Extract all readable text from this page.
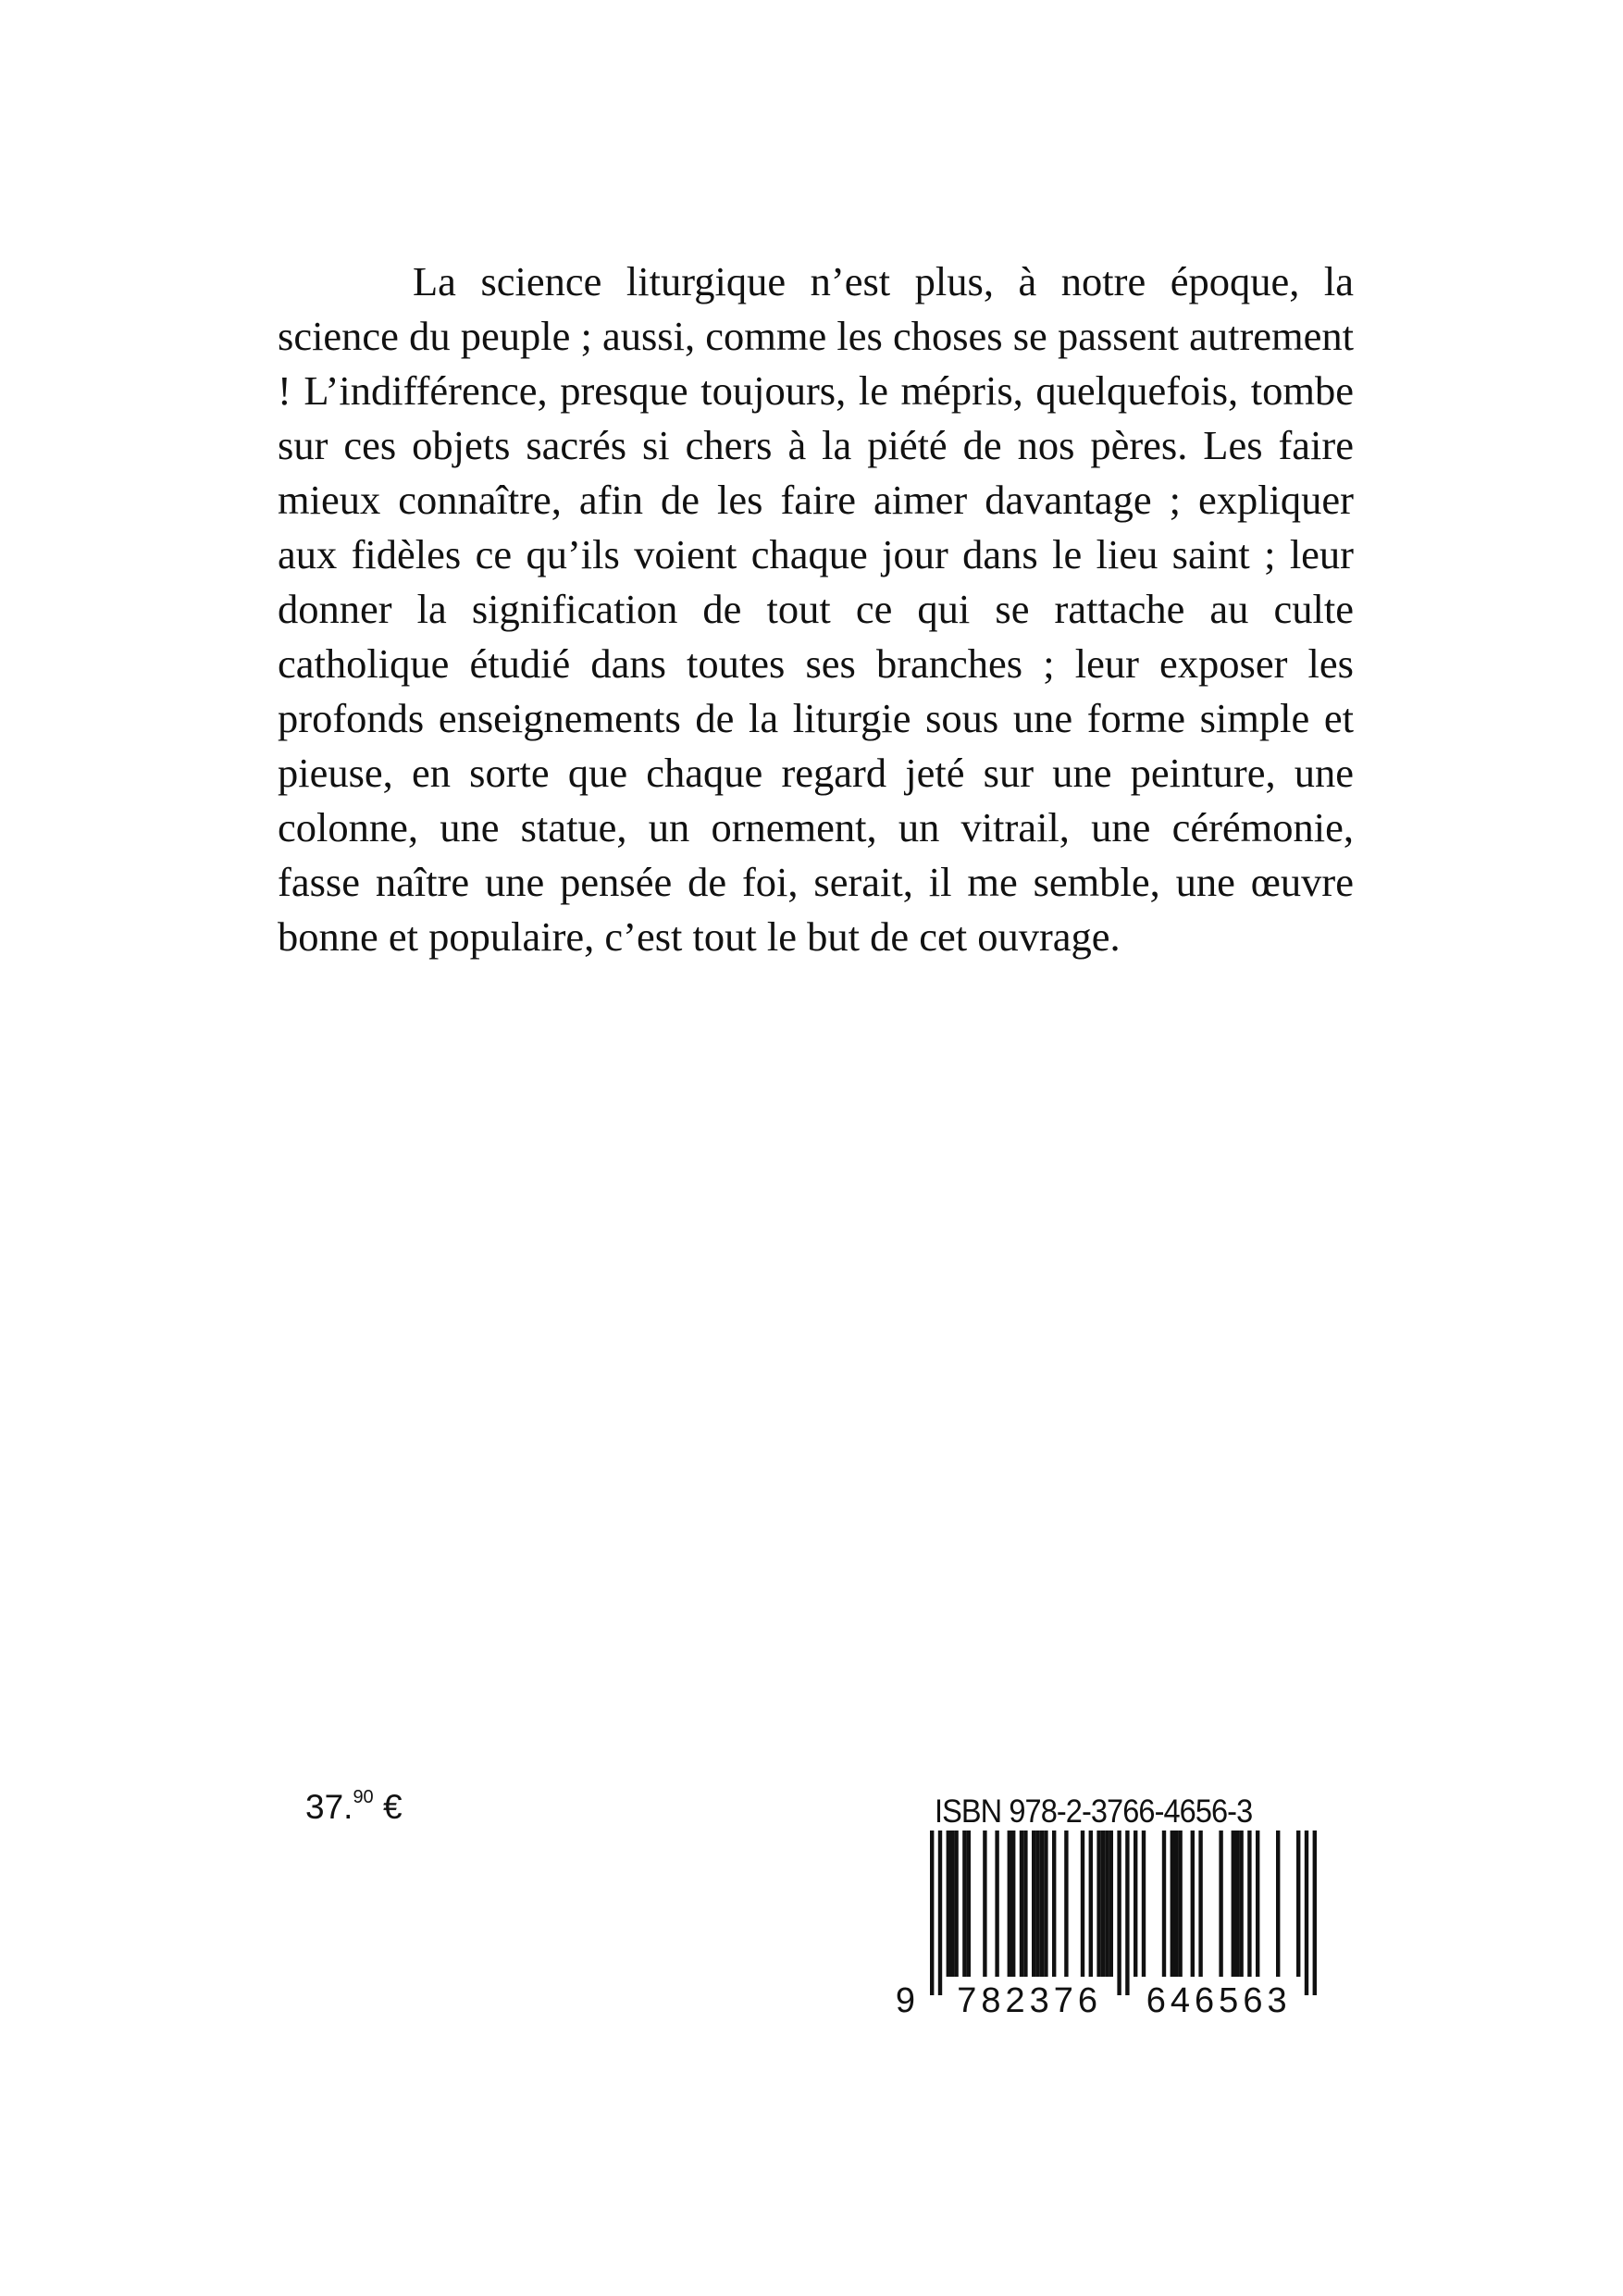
La science liturgique n’est plus, à notre époque, la science du peuple ; aussi, comme les choses se passent autrement ! L’indifférence, presque toujours, le mépris, quelquefois, tombe sur ces objets sacrés si chers à la piété de nos pères. Les faire mieux connaître, afin de les faire aimer davantage ; expliquer aux fidèles ce qu’ils voient chaque jour dans le lieu saint ; leur donner la signification de tout ce qui se rattache au culte catholique étudié dans toutes ses branches ; leur exposer les profonds enseignements de la liturgie sous une forme simple et pieuse, en sorte que chaque regard jeté sur une peinture, une colonne, une statue, un ornement, un vitrail, une cérémonie, fasse naître une pensée de foi, serait, il me semble, une œuvre bonne et populaire, c’est tout le but de cet ouvrage.

37.90 €	ISBN 978-2-3766-4656-3
9 782376 646563
